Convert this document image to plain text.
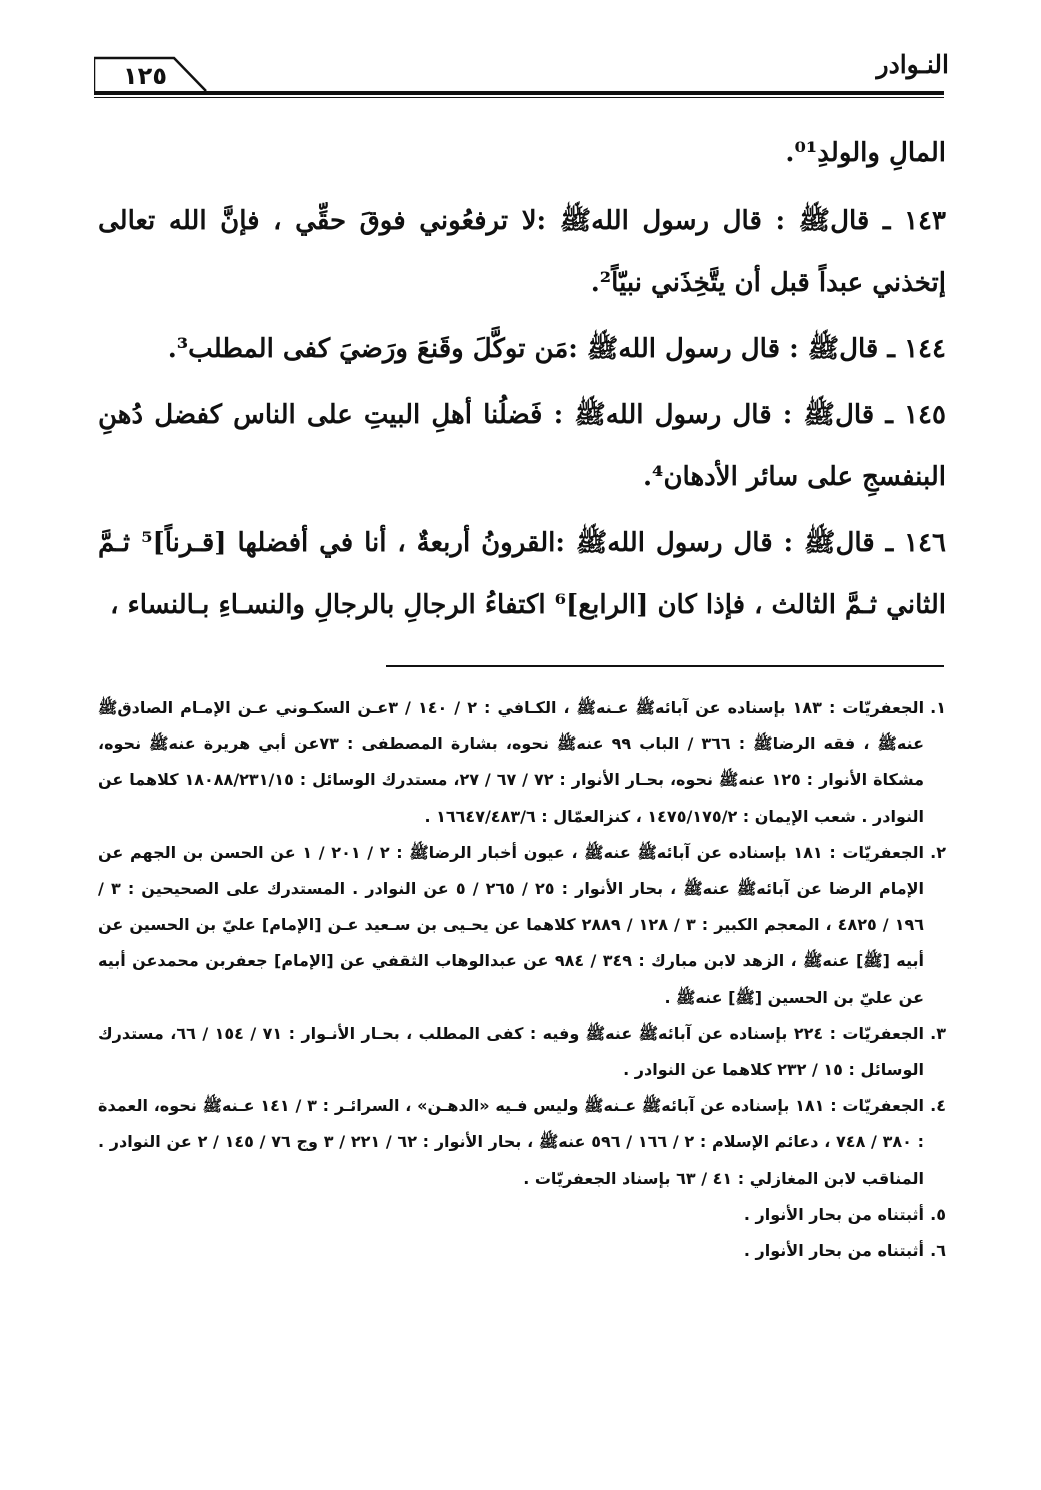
النـوادر
١٢٥

المالِ والولدِ⁰¹.

١٤٣ ـ قالﷺ : قال رسول اللهﷺ :لا ترفعُوني فوقَ حقِّي ، فإنَّ الله تعالى إتخذني عبداً قبل أن يتَّخِذَني نبيّاً².

١٤٤ ـ قالﷺ : قال رسول اللهﷺ :مَن توكَّلَ وقَنعَ ورَضيَ كفى المطلب³.

١٤٥ ـ قالﷺ : قال رسول اللهﷺ : فَضلُنا أهلِ البيتِ على الناس كفضل دُهنِ البنفسجِ على سائر الأدهان⁴.

١٤٦ ـ قالﷺ : قال رسول اللهﷺ :القرونُ أربعةٌ ، أنا في أفضلها [قـرناً]⁵ ثـمَّ الثاني ثـمَّ الثالث ، فإذا كان [الرابع]⁶ اكتفاءُ الرجالِ بالرجالِ والنسـاءِ بـالنساء ،

١.
الجعفريّات : ١٨٣ بإسناده عن آبائهﷺ عـنهﷺ ، الكـافي : ٢ / ١٤٠ / ٣عـن السكـوني عـن الإمـام الصادقﷺ عنهﷺ ، فقه الرضاﷺ : ٣٦٦ / الباب ٩٩ عنهﷺ نحوه، بشارة المصطفى : ٧٣عن أبي هريرة عنهﷺ نحوه، مشكاة الأنوار : ١٢٥ عنهﷺ نحوه، بحـار الأنوار : ٧٢ / ٦٧ / ٢٧، مستدرك الوسائل : ١٨٠٨٨/٢٣١/١٥ كلاهما عن النوادر . شعب الإيمان : ١٤٧٥/١٧٥/٢ ، كنزالعمّال : ١٦٦٤٧/٤٨٣/٦ .
٢.
الجعفريّات : ١٨١ بإسناده عن آبائهﷺ عنهﷺ ، عيون أخبار الرضاﷺ : ٢ / ٢٠١ / ١ عن الحسن بن الجهم عن الإمام الرضا عن آبائهﷺ عنهﷺ ، بحار الأنوار : ٢٥ / ٢٦٥ / ٥ عن النوادر . المستدرك على الصحيحين : ٣ / ١٩٦ / ٤٨٢٥ ، المعجم الكبير : ٣ / ١٢٨ / ٢٨٨٩ كلاهما عن يحـيى بن سـعيد عـن [الإمام] عليّ بن الحسين عن أبيه [ﷺ] عنهﷺ ، الزهد لابن مبارك : ٣٤٩ / ٩٨٤ عن عبدالوهاب الثقفي عن [الإمام] جعفربن محمدعن أبيه عن عليّ بن الحسين [ﷺ] عنهﷺ .
٣.
الجعفريّات : ٢٢٤ بإسناده عن آبائهﷺ عنهﷺ وفيه : كفى المطلب ، بحـار الأنـوار : ٧١ / ١٥٤ / ٦٦، مستدرك الوسائل : ١٥ / ٢٣٢ كلاهما عن النوادر .
٤.
الجعفريّات : ١٨١ بإسناده عن آبائهﷺ عـنهﷺ وليس فـيه «الدهـن» ، السرائـر : ٣ / ١٤١ عـنهﷺ نحوه، العمدة : ٣٨٠ / ٧٤٨ ، دعائم الإسلام : ٢ / ١٦٦ / ٥٩٦ عنهﷺ ، بحار الأنوار : ٦٢ / ٢٢١ / ٣ وج ٧٦ / ١٤٥ / ٢ عن النوادر . المناقب لابن المغازلي : ٤١ / ٦٣ بإسناد الجعفريّات .
٥.
أثبتناه من بحار الأنوار .
٦.
أثبتناه من بحار الأنوار .
